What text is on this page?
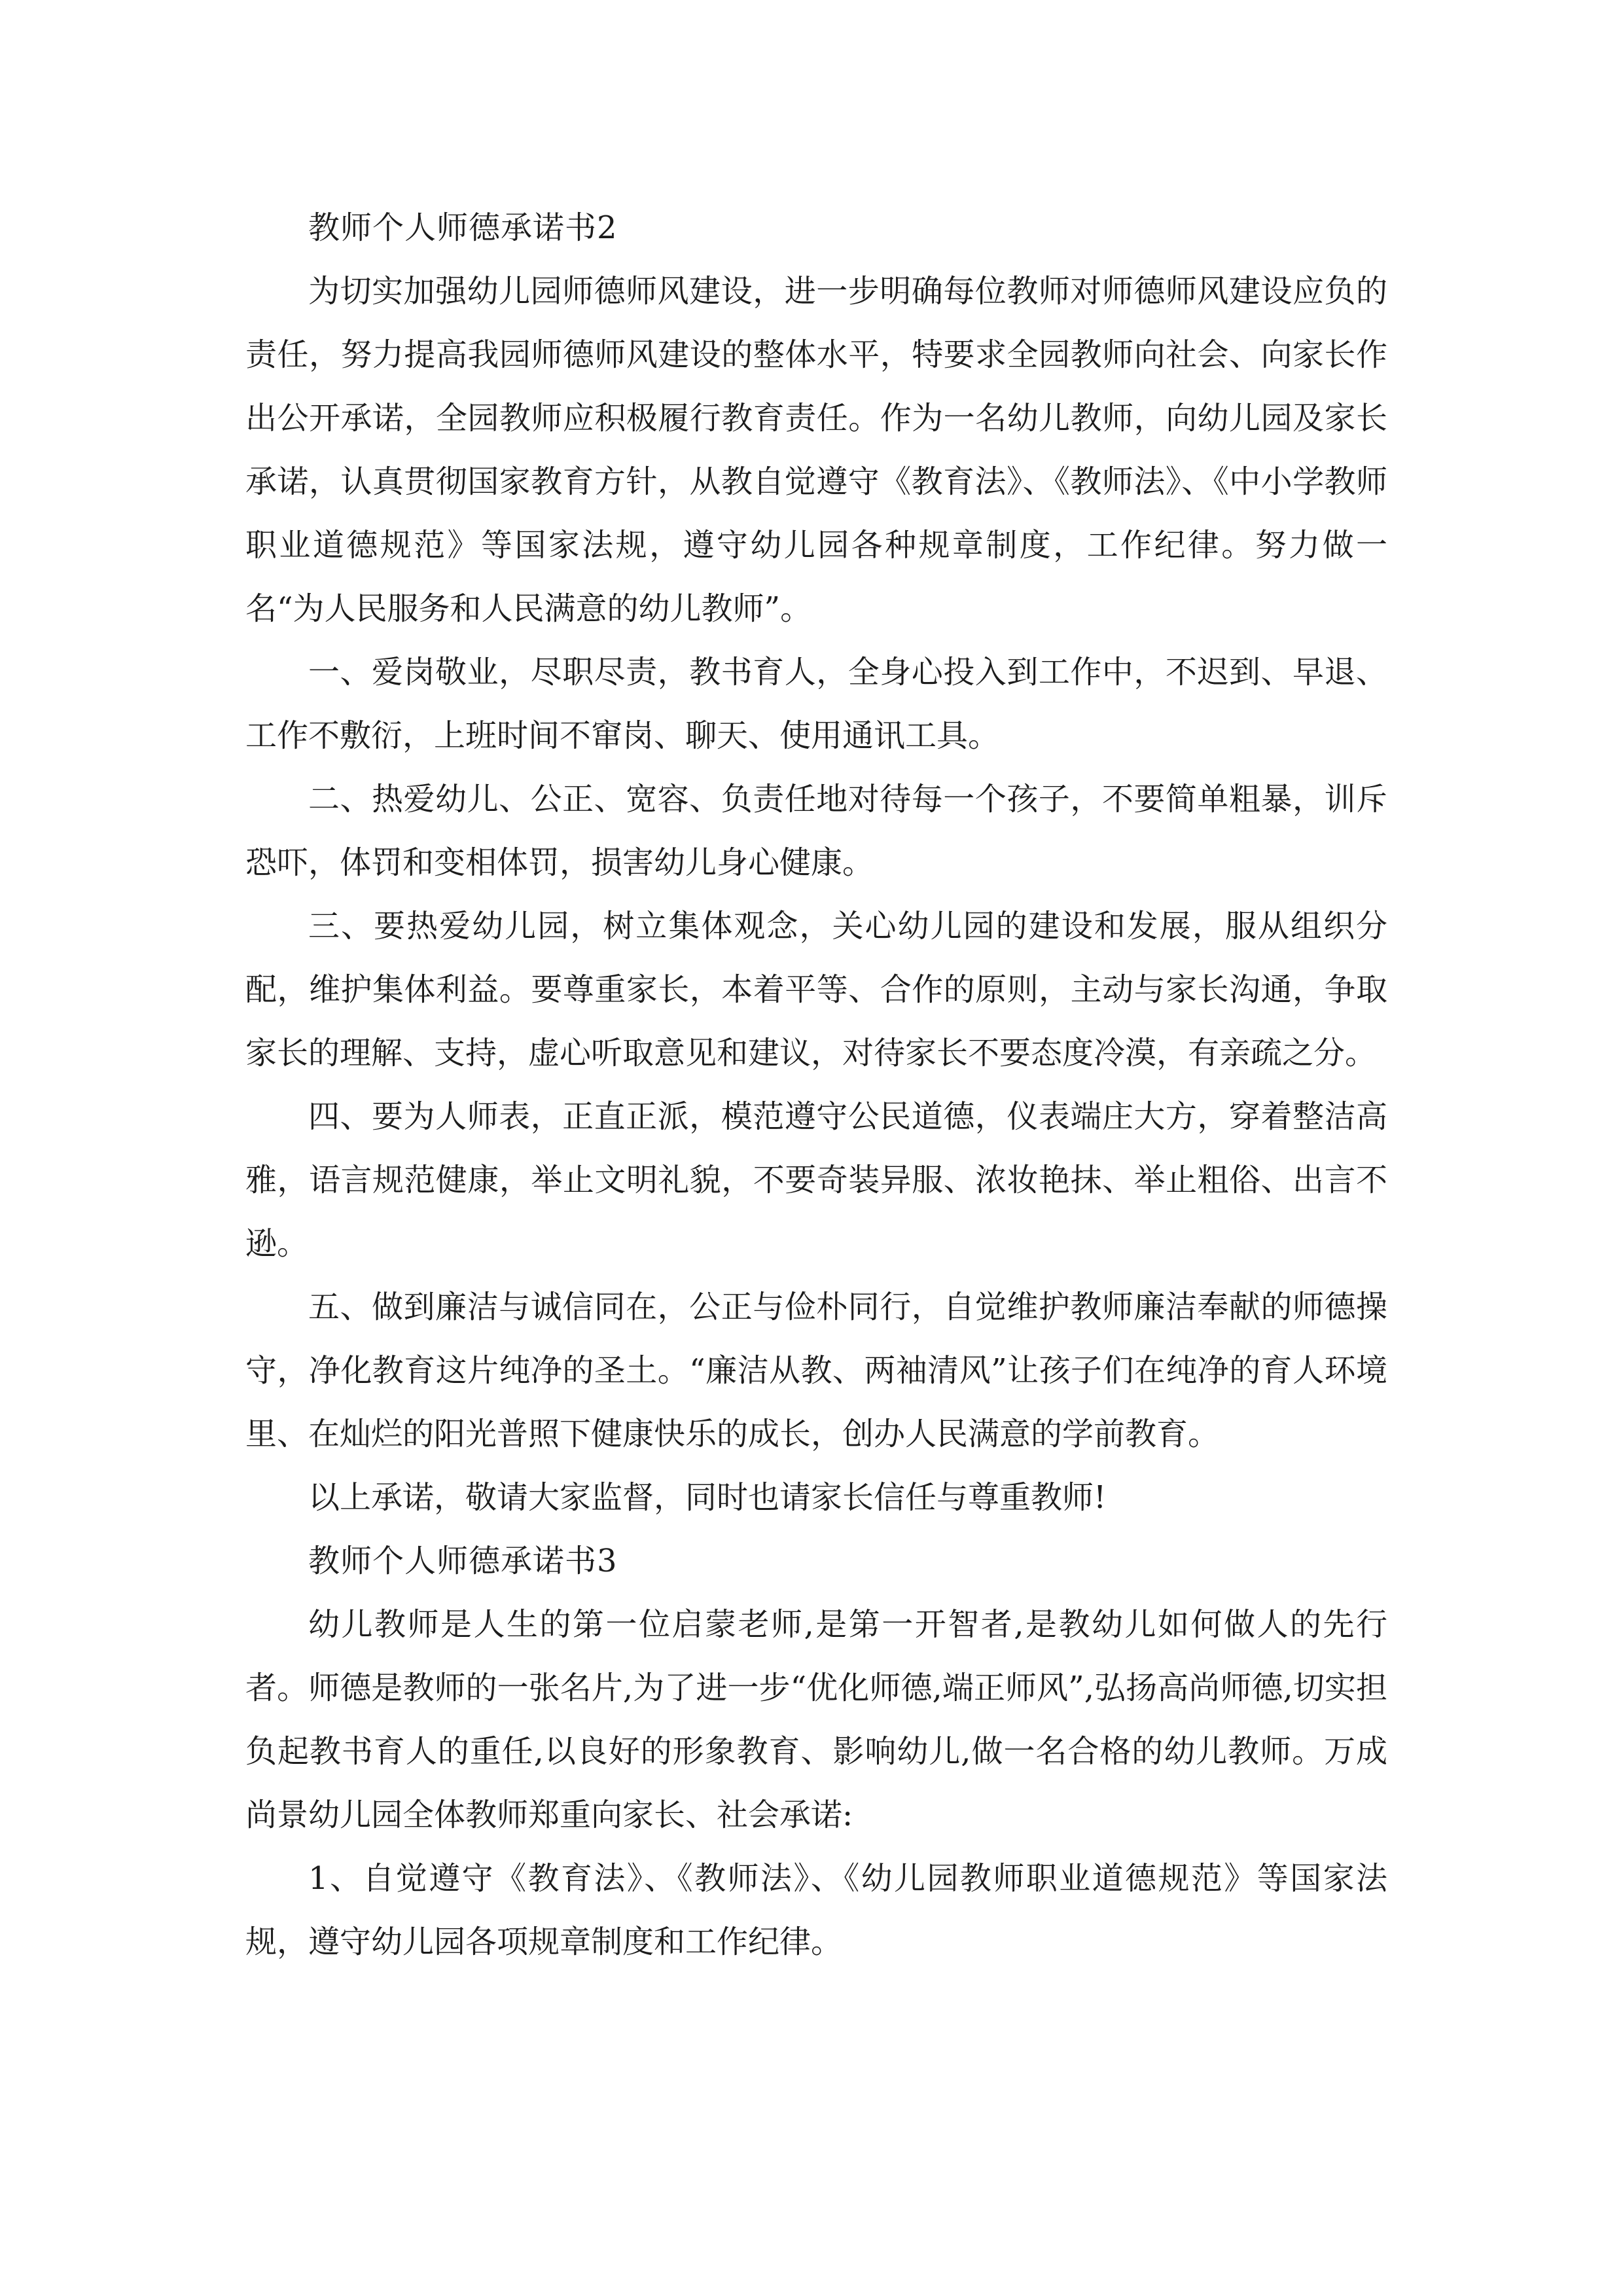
教师个人师德承诺书2

为切实加强幼儿园师德师风建设，进一步明确每位教师对师德师风建设应负的责任，努力提高我园师德师风建设的整体水平，特要求全园教师向社会、向家长作出公开承诺，全园教师应积极履行教育责任。作为一名幼儿教师，向幼儿园及家长承诺，认真贯彻国家教育方针，从教自觉遵守《教育法》、《教师法》、《中小学教师职业道德规范》等国家法规，遵守幼儿园各种规章制度，工作纪律。努力做一名“为人民服务和人民满意的幼儿教师”。

一、爱岗敬业，尽职尽责，教书育人，全身心投入到工作中，不迟到、早退、工作不敷衍，上班时间不窜岗、聊天、使用通讯工具。

二、热爱幼儿、公正、宽容、负责任地对待每一个孩子，不要简单粗暴，训斥恐吓，体罚和变相体罚，损害幼儿身心健康。

三、要热爱幼儿园，树立集体观念，关心幼儿园的建设和发展，服从组织分配，维护集体利益。要尊重家长，本着平等、合作的原则，主动与家长沟通，争取家长的理解、支持，虚心听取意见和建议，对待家长不要态度冷漠，有亲疏之分。

四、要为人师表，正直正派，模范遵守公民道德，仪表端庄大方，穿着整洁高雅，语言规范健康，举止文明礼貌，不要奇装异服、浓妆艳抹、举止粗俗、出言不逊。

五、做到廉洁与诚信同在，公正与俭朴同行，自觉维护教师廉洁奉献的师德操守，净化教育这片纯净的圣土。“廉洁从教、两袖清风”让孩子们在纯净的育人环境里、在灿烂的阳光普照下健康快乐的成长，创办人民满意的学前教育。

以上承诺，敬请大家监督，同时也请家长信任与尊重教师!

教师个人师德承诺书3

幼儿教师是人生的第一位启蒙老师,是第一开智者,是教幼儿如何做人的先行者。师德是教师的一张名片,为了进一步“优化师德,端正师风”,弘扬高尚师德,切实担负起教书育人的重任,以良好的形象教育、影响幼儿,做一名合格的幼儿教师。万成尚景幼儿园全体教师郑重向家长、社会承诺:

1、自觉遵守《教育法》、《教师法》、《幼儿园教师职业道德规范》等国家法规，遵守幼儿园各项规章制度和工作纪律。
